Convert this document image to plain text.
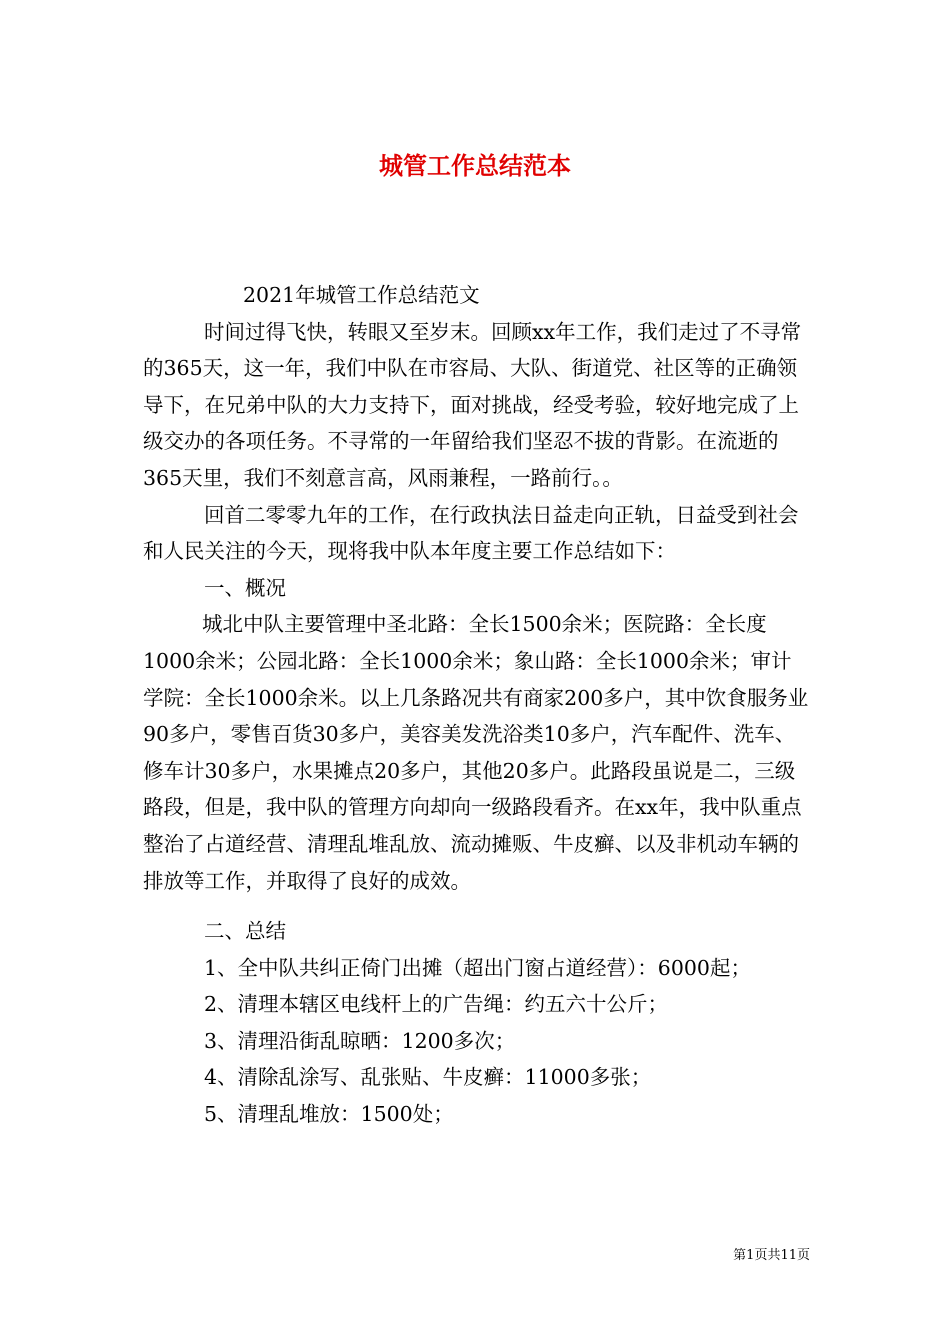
城管工作总结范本

2021年城管工作总结范文

时间过得飞快，转眼又至岁末。回顾xx年工作，我们走过了不寻常的365天，这一年，我们中队在市容局、大队、街道党、社区等的正确领导下，在兄弟中队的大力支持下，面对挑战，经受考验，较好地完成了上级交办的各项任务。不寻常的一年留给我们坚忍不拔的背影。在流逝的365天里，我们不刻意言高，风雨兼程，一路前行。。

回首二零零九年的工作，在行政执法日益走向正轨，日益受到社会和人民关注的今天，现将我中队本年度主要工作总结如下：

一、概况

城北中队主要管理中圣北路：全长1500余米；医院路：全长度1000余米；公园北路：全长1000余米；象山路：全长1000余米；审计学院：全长1000余米。以上几条路况共有商家200多户，其中饮食服务业90多户，零售百货30多户，美容美发洗浴类10多户，汽车配件、洗车、修车计30多户，水果摊点20多户，其他20多户。此路段虽说是二，三级路段，但是，我中队的管理方向却向一级路段看齐。在xx年，我中队重点整治了占道经营、清理乱堆乱放、流动摊贩、牛皮癣、以及非机动车辆的排放等工作，并取得了良好的成效。

二、总结

1、全中队共纠正倚门出摊（超出门窗占道经营）：6000起；

2、清理本辖区电线杆上的广告绳：约五六十公斤；

3、清理沿街乱晾晒：1200多次；

4、清除乱涂写、乱张贴、牛皮癣：11000多张；

5、清理乱堆放：1500处；

第1页共11页
